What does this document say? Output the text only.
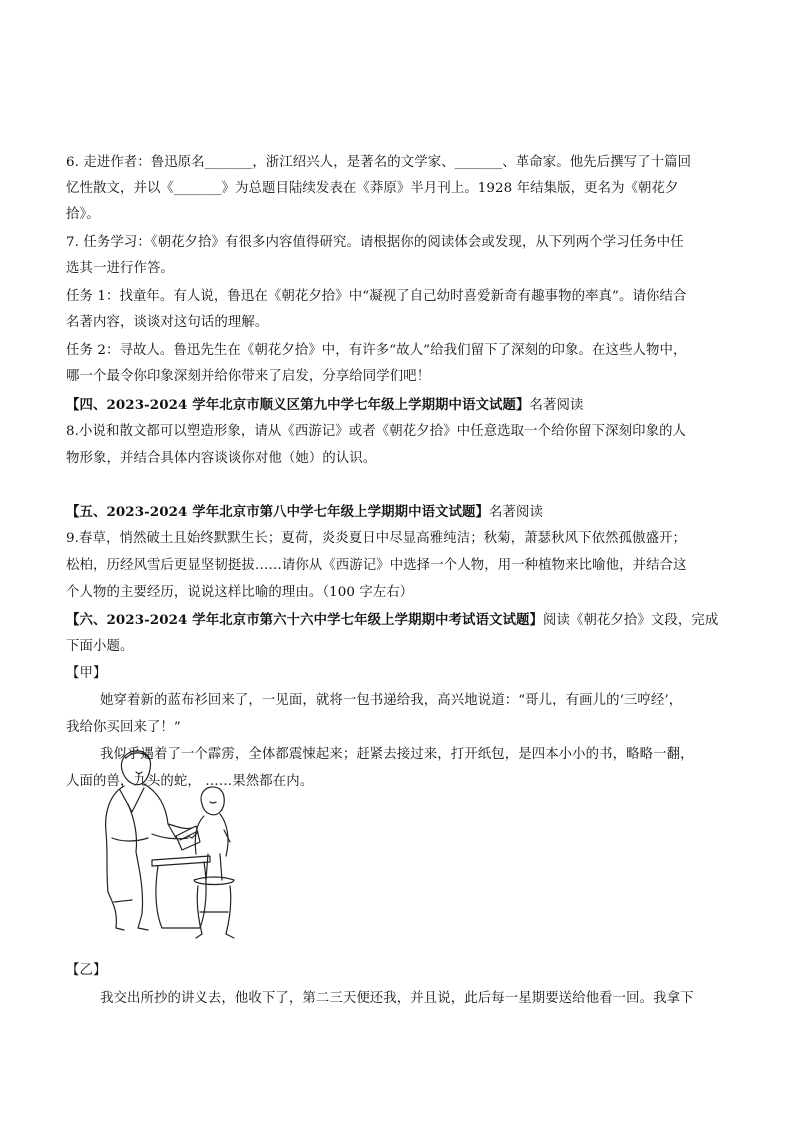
6. 走进作者：鲁迅原名_______，浙江绍兴人，是著名的文学家、_______、革命家。他先后撰写了十篇回
忆性散文，并以《_______》为总题目陆续发表在《莽原》半月刊上。1928 年结集版，更名为《朝花夕
拾》。
7. 任务学习：《朝花夕拾》有很多内容值得研究。请根据你的阅读体会或发现，从下列两个学习任务中任
选其一进行作答。
任务 1：找童年。有人说，鲁迅在《朝花夕拾》中“凝视了自己幼时喜爱新奇有趣事物的率真”。请你结合
名著内容，谈谈对这句话的理解。
任务 2：寻故人。鲁迅先生在《朝花夕拾》中，有许多“故人”给我们留下了深刻的印象。在这些人物中，
哪一个最令你印象深刻并给你带来了启发，分享给同学们吧！
【四、2023-2024 学年北京市顺义区第九中学七年级上学期期中语文试题】名著阅读
8.小说和散文都可以塑造形象，请从《西游记》或者《朝花夕拾》中任意选取一个给你留下深刻印象的人
物形象，并结合具体内容谈谈你对他（她）的认识。
【五、2023-2024 学年北京市第八中学七年级上学期期中语文试题】名著阅读
9.春草，悄然破土且始终默默生长；夏荷，炎炎夏日中尽显高雅纯洁；秋菊，萧瑟秋风下依然孤傲盛开；
松柏，历经风雪后更显坚韧挺拔……请你从《西游记》中选择一个人物，用一种植物来比喻他，并结合这
个人物的主要经历，说说这样比喻的理由。（100 字左右）
【六、2023-2024 学年北京市第六十六中学七年级上学期期中考试语文试题】阅读《朝花夕拾》文段，完成
下面小题。
【甲】
她穿着新的蓝布衫回来了，一见面，就将一包书递给我，高兴地说道：“哥儿，有画儿的‘三哼经’，
我给你买回来了！”
我似乎遇着了一个霹雳，全体都震悚起来；赶紧去接过来，打开纸包，是四本小小的书，略略一翻，
人面的兽，九头的蛇， ……果然都在内。
【乙】
我交出所抄的讲义去，他收下了，第二三天便还我，并且说，此后每一星期要送给他看一回。我拿下
